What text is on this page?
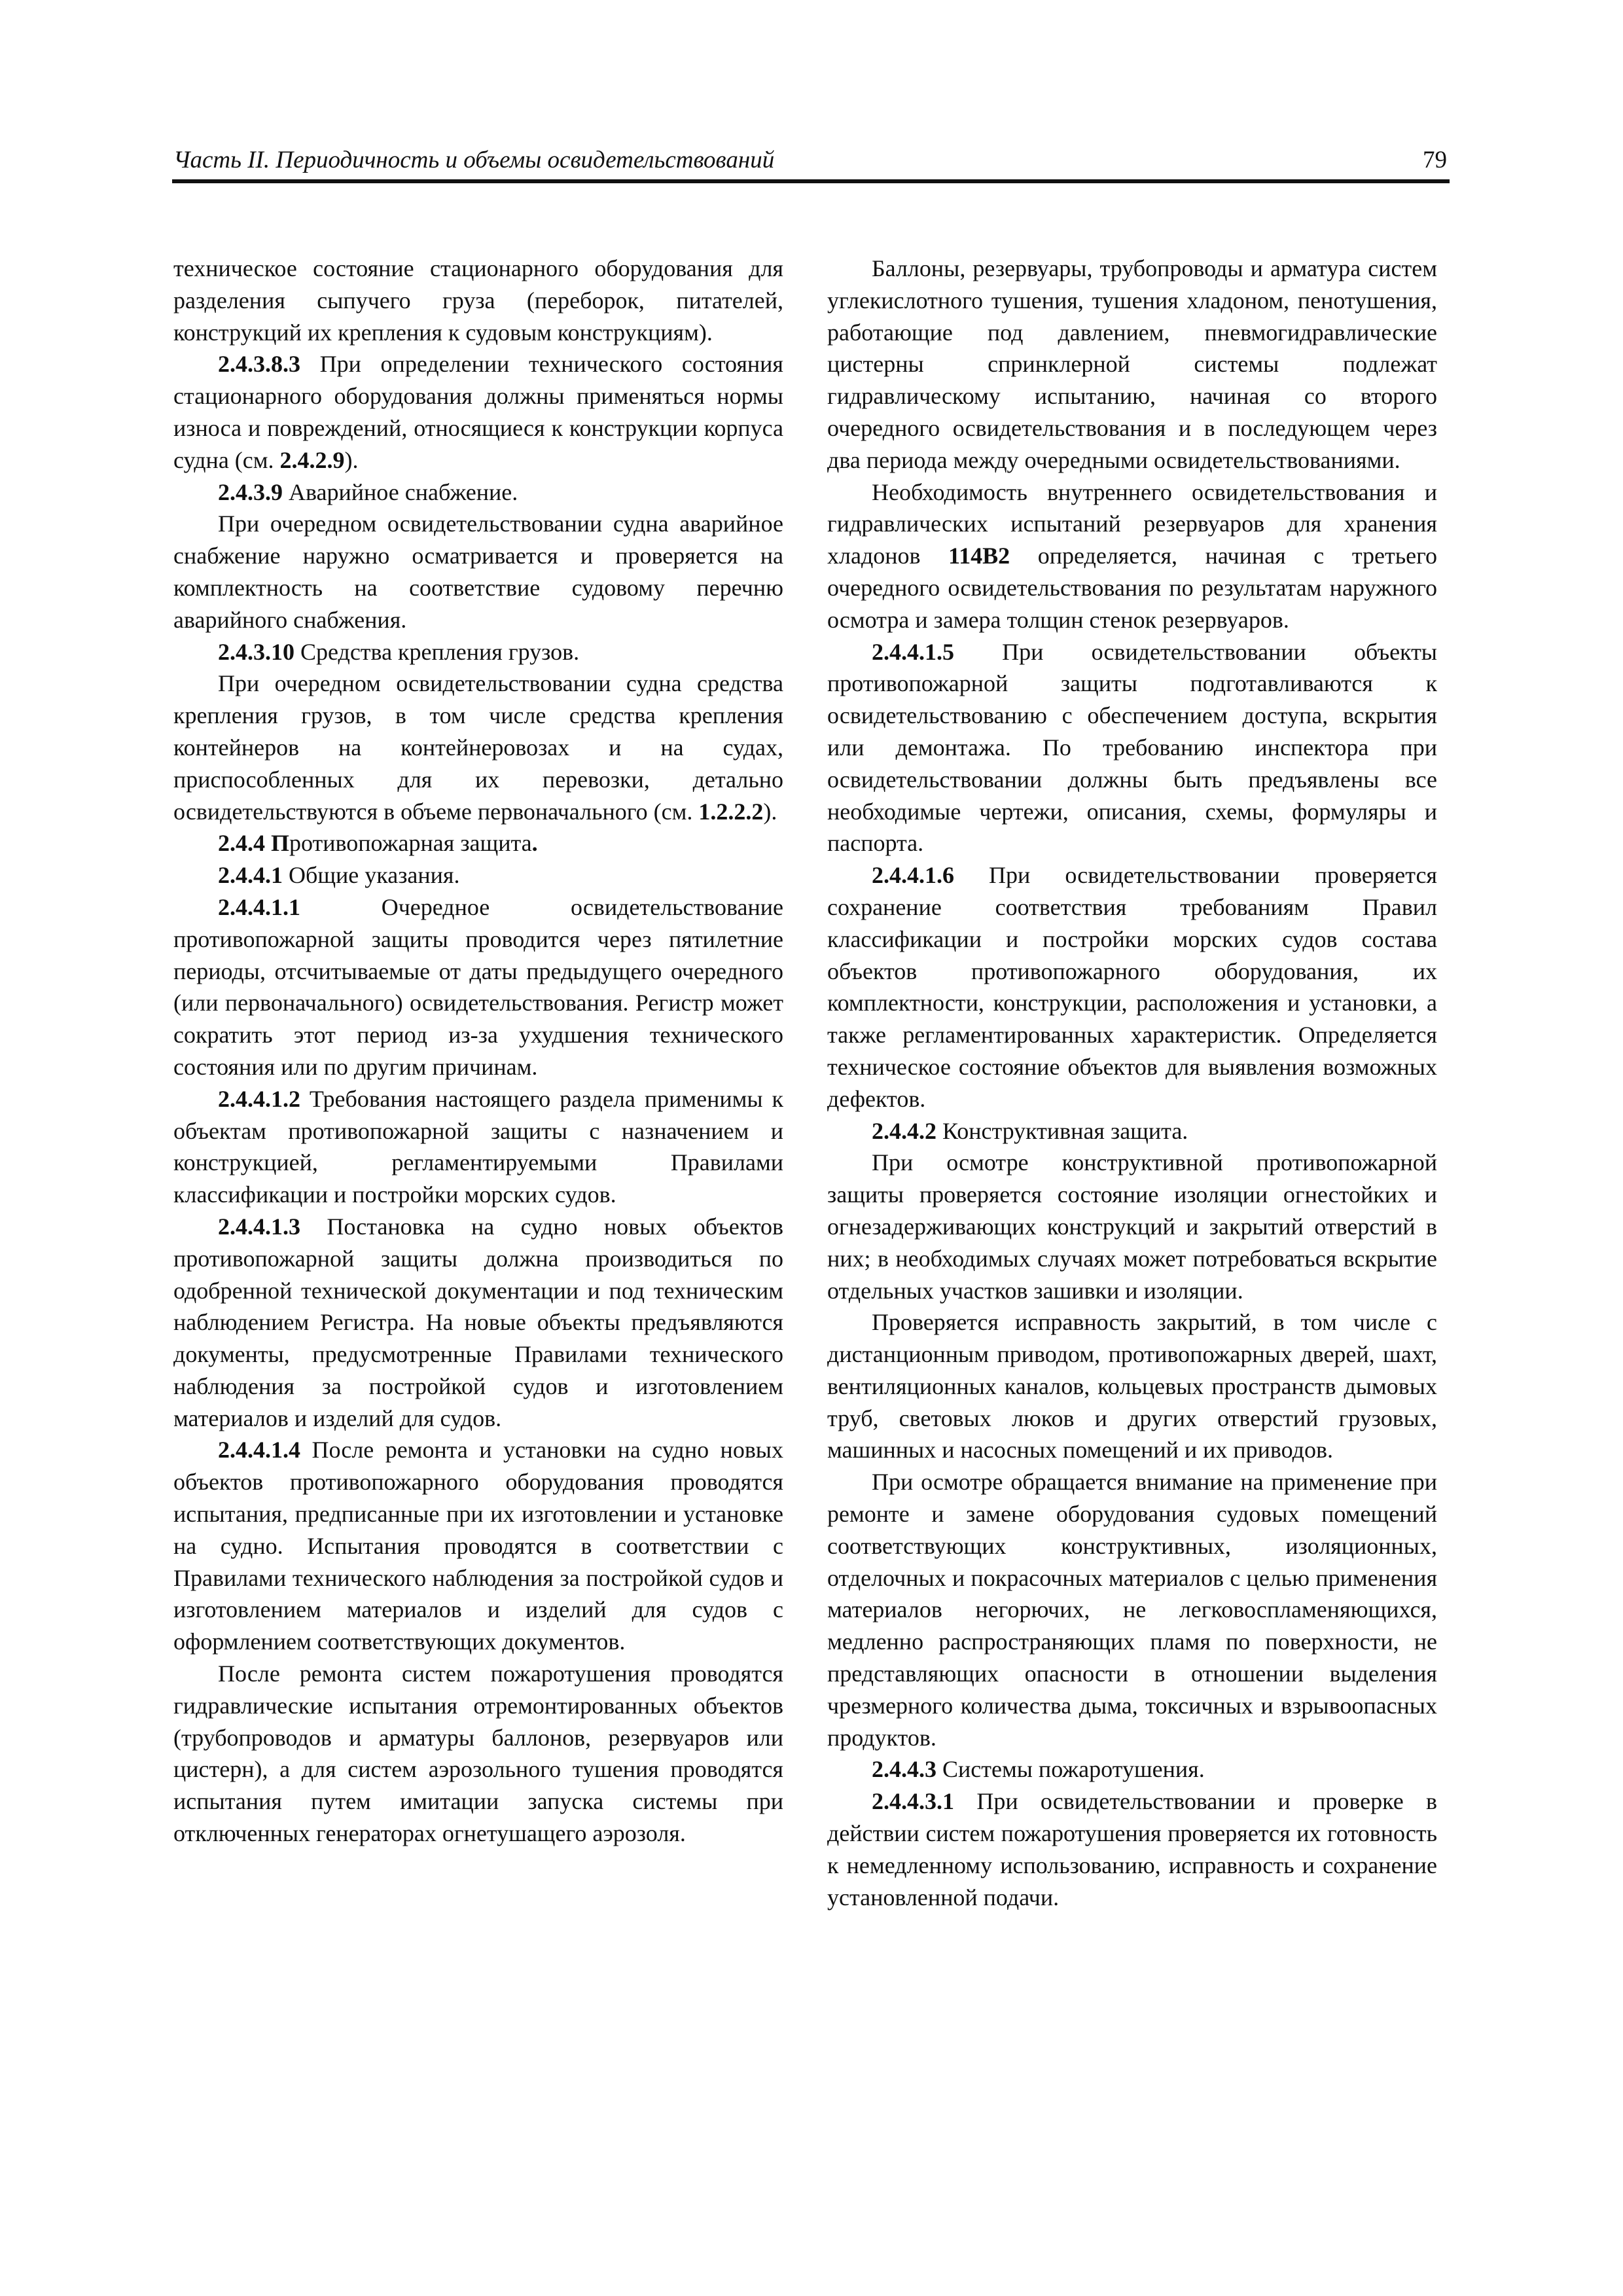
Часть II. Периодичность и объемы освидетельствований	79

техническое состояние стационарного оборудования для разделения сыпучего груза (переборок, питателей, конструкций их крепления к судовым конструкциям).

2.4.3.8.3 При определении технического состояния стационарного оборудования должны применяться нормы износа и повреждений, относящиеся к конструкции корпуса судна (см. 2.4.2.9).

2.4.3.9 Аварийное снабжение.

При очередном освидетельствовании судна аварийное снабжение наружно осматривается и проверяется на комплектность на соответствие судовому перечню аварийного снабжения.

2.4.3.10 Средства крепления грузов.

При очередном освидетельствовании судна средства крепления грузов, в том числе средства крепления контейнеров на контейнеровозах и на судах, приспособленных для их перевозки, детально освидетельствуются в объеме первоначального (см. 1.2.2.2).

2.4.4 Противопожарная защита.

2.4.4.1 Общие указания.

2.4.4.1.1 Очередное освидетельствование противопожарной защиты проводится через пятилетние периоды, отсчитываемые от даты предыдущего очередного (или первоначального) освидетельствования. Регистр может сократить этот период из-за ухудшения технического состояния или по другим причинам.

2.4.4.1.2 Требования настоящего раздела применимы к объектам противопожарной защиты с назначением и конструкцией, регламентируемыми Правилами классификации и постройки морских судов.

2.4.4.1.3 Постановка на судно новых объектов противопожарной защиты должна производиться по одобренной технической документации и под техническим наблюдением Регистра. На новые объекты предъявляются документы, предусмотренные Правилами технического наблюдения за постройкой судов и изготовлением материалов и изделий для судов.

2.4.4.1.4 После ремонта и установки на судно новых объектов противопожарного оборудования проводятся испытания, предписанные при их изготовлении и установке на судно. Испытания проводятся в соответствии с Правилами технического наблюдения за постройкой судов и изготовлением материалов и изделий для судов с оформлением соответствующих документов.

После ремонта систем пожаротушения проводятся гидравлические испытания отремонтированных объектов (трубопроводов и арматуры баллонов, резервуаров или цистерн), а для систем аэрозольного тушения проводятся испытания путем имитации запуска системы при отключенных генераторах огнетушащего аэрозоля.

Баллоны, резервуары, трубопроводы и арматура систем углекислотного тушения, тушения хладоном, пенотушения, работающие под давлением, пневмогидравлические цистерны спринклерной системы подлежат гидравлическому испытанию, начиная со второго очередного освидетельствования и в последующем через два периода между очередными освидетельствованиями.

Необходимость внутреннего освидетельствования и гидравлических испытаний резервуаров для хранения хладонов 114В2 определяется, начиная с третьего очередного освидетельствования по результатам наружного осмотра и замера толщин стенок резервуаров.

2.4.4.1.5 При освидетельствовании объекты противопожарной защиты подготавливаются к освидетельствованию с обеспечением доступа, вскрытия или демонтажа. По требованию инспектора при освидетельствовании должны быть предъявлены все необходимые чертежи, описания, схемы, формуляры и паспорта.

2.4.4.1.6 При освидетельствовании проверяется сохранение соответствия требованиям Правил классификации и постройки морских судов состава объектов противопожарного оборудования, их комплектности, конструкции, расположения и установки, а также регламентированных характеристик. Определяется техническое состояние объектов для выявления возможных дефектов.

2.4.4.2 Конструктивная защита.

При осмотре конструктивной противопожарной защиты проверяется состояние изоляции огнестойких и огнезадерживающих конструкций и закрытий отверстий в них; в необходимых случаях может потребоваться вскрытие отдельных участков зашивки и изоляции.

Проверяется исправность закрытий, в том числе с дистанционным приводом, противопожарных дверей, шахт, вентиляционных каналов, кольцевых пространств дымовых труб, световых люков и других отверстий грузовых, машинных и насосных помещений и их приводов.

При осмотре обращается внимание на применение при ремонте и замене оборудования судовых помещений соответствующих конструктивных, изоляционных, отделочных и покрасочных материалов с целью применения материалов негорючих, не легковоспламеняющихся, медленно распространяющих пламя по поверхности, не представляющих опасности в отношении выделения чрезмерного количества дыма, токсичных и взрывоопасных продуктов.

2.4.4.3 Системы пожаротушения.

2.4.4.3.1 При освидетельствовании и проверке в действии систем пожаротушения проверяется их готовность к немедленному использованию, исправность и сохранение установленной подачи.
